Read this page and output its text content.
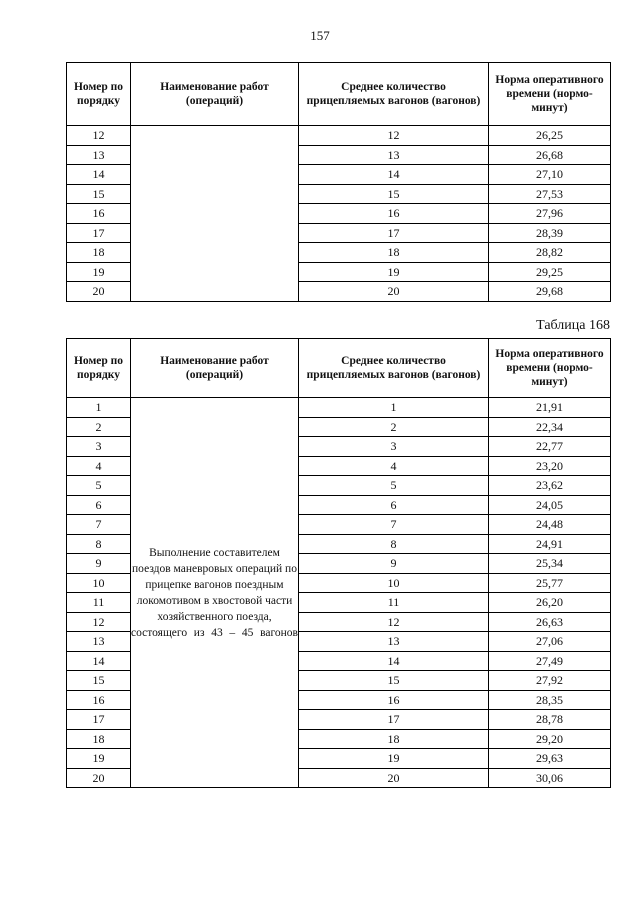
157
Номер по порядку	Наименование работ (операций)	Среднее количество прицепляемых вагонов (вагонов)	Норма оперативного времени (нормо-минут)
12		12	26,25
13		13	26,68
14		14	27,10
15		15	27,53
16		16	27,96
17		17	28,39
18		18	28,82
19		19	29,25
20		20	29,68
Таблица 168
Номер по порядку	Наименование работ (операций)	Среднее количество прицепляемых вагонов (вагонов)	Норма оперативного времени (нормо-минут)
1	Выполнение составителем поездов маневровых операций по прицепке вагонов поездным локомотивом в хвостовой части хозяйственного поезда, состоящего из 43 – 45 вагонов	1	21,91
2		2	22,34
3		3	22,77
4		4	23,20
5		5	23,62
6		6	24,05
7		7	24,48
8		8	24,91
9		9	25,34
10		10	25,77
11		11	26,20
12		12	26,63
13		13	27,06
14		14	27,49
15		15	27,92
16		16	28,35
17		17	28,78
18		18	29,20
19		19	29,63
20		20	30,06
